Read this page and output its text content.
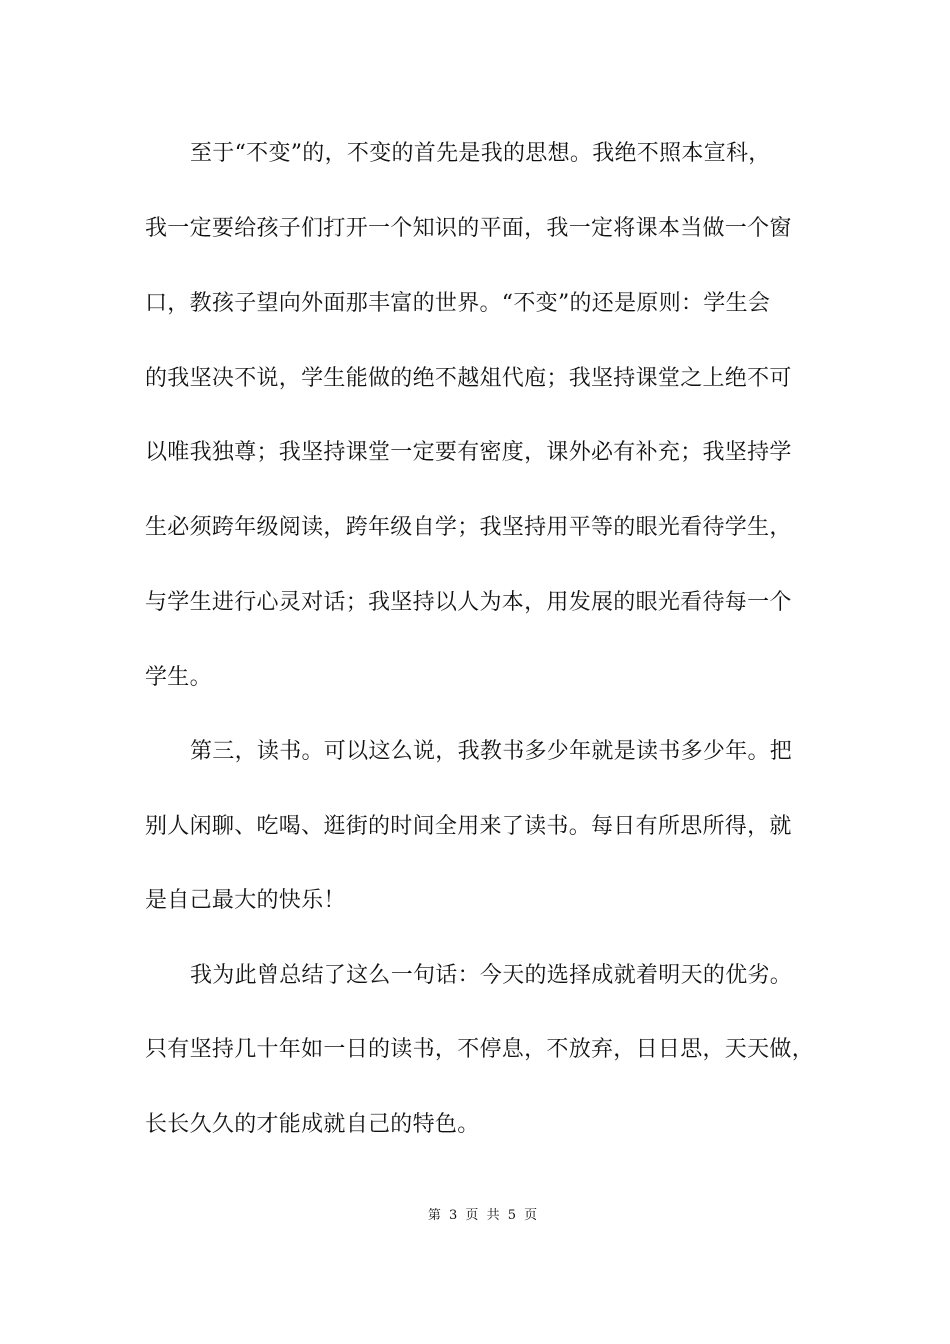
至于“不变”的，不变的首先是我的思想。我绝不照本宣科，
我一定要给孩子们打开一个知识的平面，我一定将课本当做一个窗
口，教孩子望向外面那丰富的世界。“不变”的还是原则：学生会
的我坚决不说，学生能做的绝不越俎代庖；我坚持课堂之上绝不可
以唯我独尊；我坚持课堂一定要有密度，课外必有补充；我坚持学
生必须跨年级阅读，跨年级自学；我坚持用平等的眼光看待学生，
与学生进行心灵对话；我坚持以人为本，用发展的眼光看待每一个
学生。
第三，读书。可以这么说，我教书多少年就是读书多少年。把
别人闲聊、吃喝、逛街的时间全用来了读书。每日有所思所得，就
是自己最大的快乐！
我为此曾总结了这么一句话：今天的选择成就着明天的优劣。
只有坚持几十年如一日的读书，不停息，不放弃，日日思，天天做，
长长久久的才能成就自己的特色。
第 3 页 共 5 页
